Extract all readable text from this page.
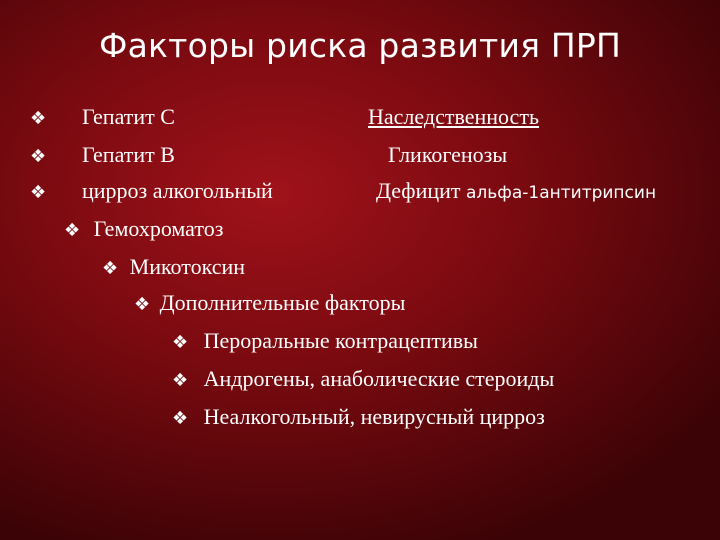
Факторы риска развития ПРП
❖ Гепатит С
❖ Гепатит В
❖ цирроз алкогольный
Наследственность
Гликогенозы
Дефицит альфа-1антитрипсин
❖ Гемохроматоз
❖ Микотоксин
❖ Дополнительные факторы
❖ Пероральные контрацептивы
❖ Андрогены, анаболические стероиды
❖ Неалкогольный, невирусный цирроз
